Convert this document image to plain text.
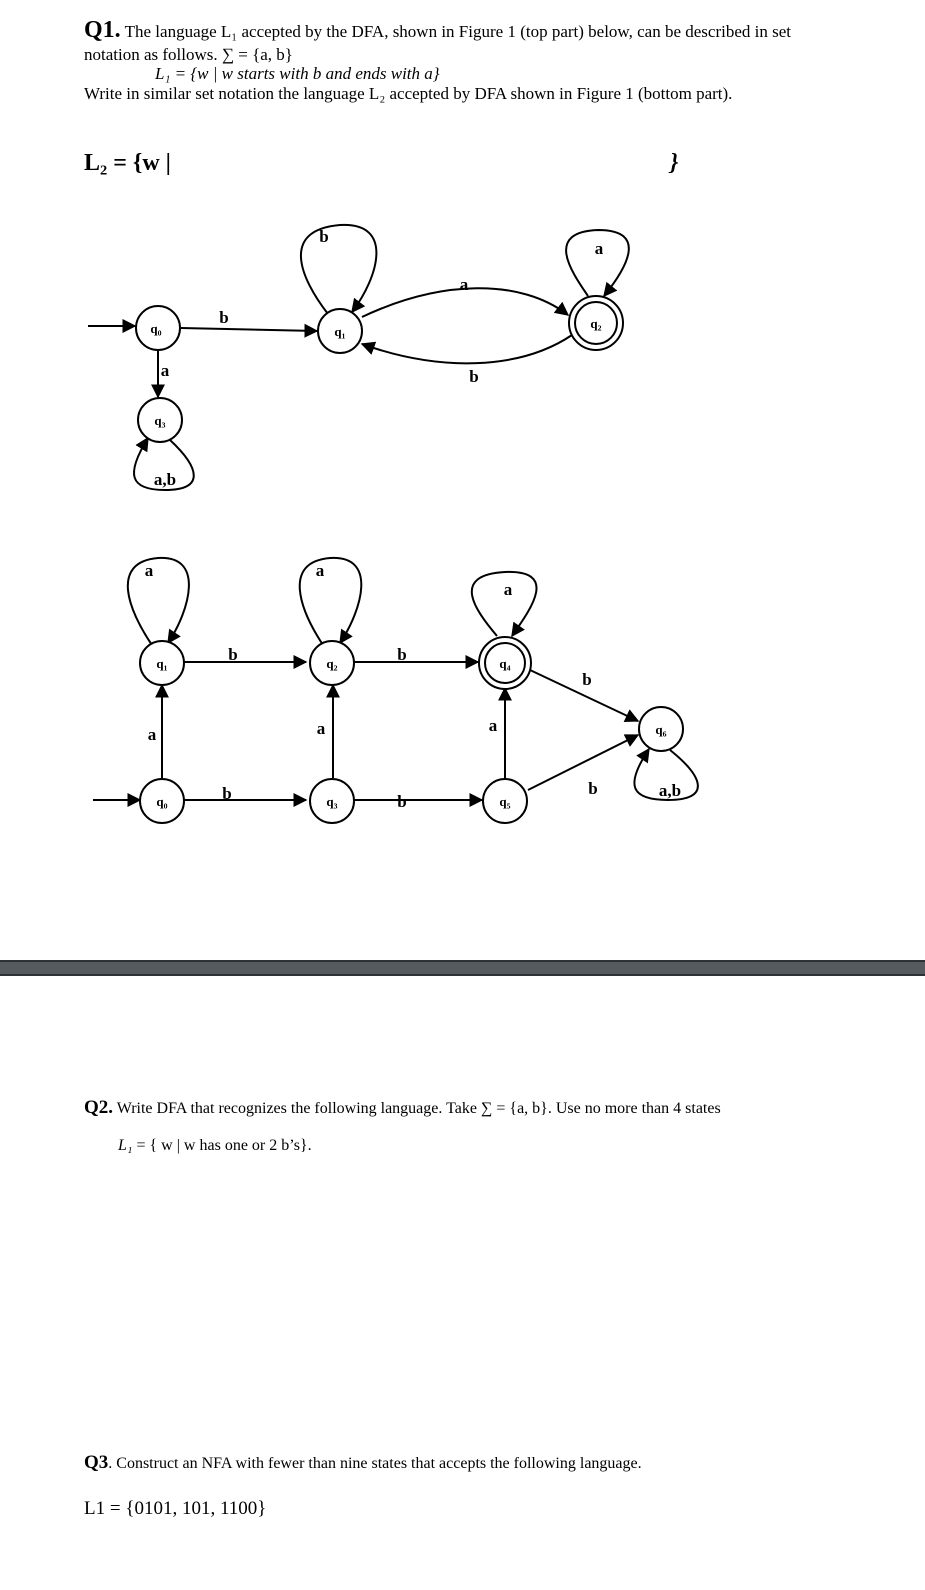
Q1. The language L₁ accepted by the DFA, shown in Figure 1 (top part) below, can be described in set
notation as follows. ∑ = {a, b}
L₁ = {w | w starts with b and ends with a}
Write in similar set notation the language L₂ accepted by DFA shown in Figure 1 (bottom part).
L₂ = {w |	}
q₀	q₁
q₂
q₃
b
a
b
a
a
b
a,b
q₁	q₂	q₄
q₀	q₃	q₅
q₆
a	a
a
b	b
b
a	a	a
b	b
b	a,b
Q2. Write DFA that recognizes the following language. Take ∑ = {a, b}. Use no more than 4 states
L₁ = { w | w has one or 2 b’s}.
Q3. Construct an NFA with fewer than nine states that accepts the following language.
L1 = {0101, 101, 1100}
